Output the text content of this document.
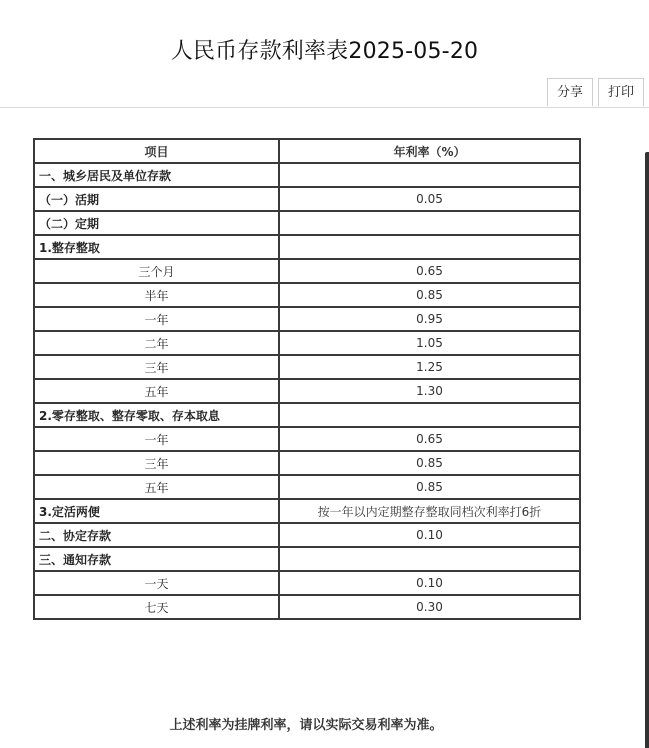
人民币存款利率表2025-05-20
分享	打印
项目	年利率（%）
一、城乡居民及单位存款	
（一）活期	0.05
（二）定期	
1.整存整取	
三个月	0.65
半年	0.85
一年	0.95
二年	1.05
三年	1.25
五年	1.30
2.零存整取、整存零取、存本取息	
一年	0.65
三年	0.85
五年	0.85
3.定活两便	按一年以内定期整存整取同档次利率打6折
二、协定存款	0.10
三、通知存款	
一天	0.10
七天	0.30
上述利率为挂牌利率，请以实际交易利率为准。
